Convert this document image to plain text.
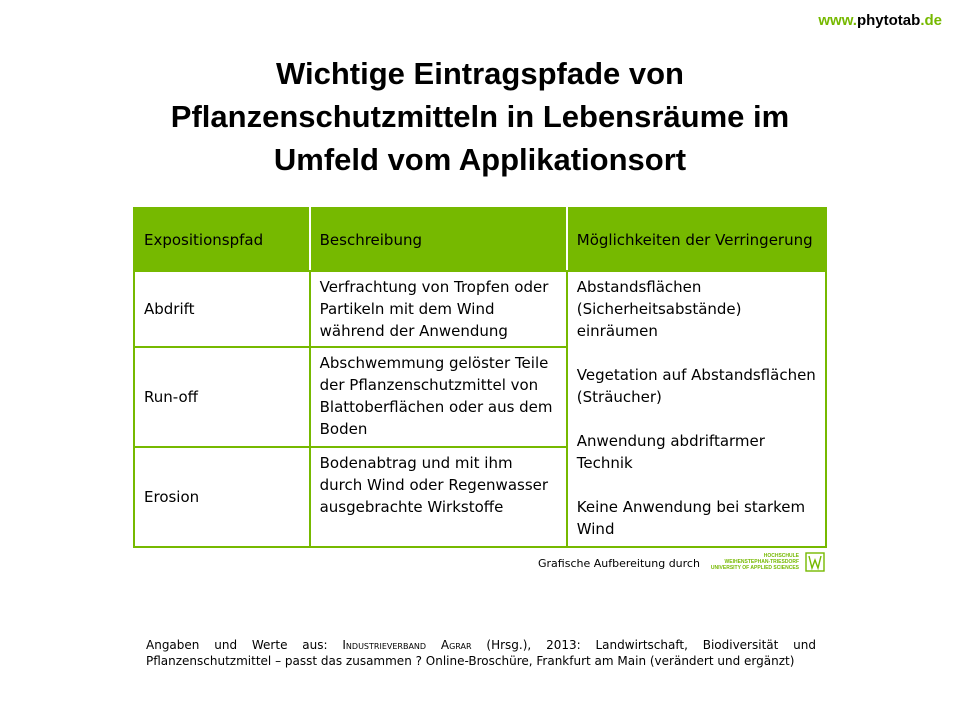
www.phytotab.de
Wichtige Eintragspfade von
Pflanzenschutzmitteln in Lebensräume im
Umfeld vom Applikationsort
Expositionspfad	Beschreibung	Möglichkeiten der Verringerung
Abdrift	Verfrachtung von Tropfen oder Partikeln mit dem Wind während der Anwendung	Abstandsflächen (Sicherheitsabstände) einräumen

Vegetation auf Abstandsflächen (Sträucher)

Anwendung abdriftarmer Technik

Keine Anwendung bei starkem Wind

Run-off	Abschwemmung gelöster Teile der Pflanzenschutzmittel von Blattoberflächen oder aus dem Boden	
Erosion	Bodenabtrag und mit ihm durch Wind oder Regenwasser ausgebrachte Wirkstoffe	
Grafische Aufbereitung durch
HOCHSCHULE
WEIHENSTEPHAN-TRIESDORF
UNIVERSITY OF APPLIED SCIENCES

Angaben und Werte aus: Industrieverband Agrar (Hrsg.), 2013: Landwirtschaft, Biodiversität und Pflanzenschutzmittel – passt das zusammen ? Online-Broschüre, Frankfurt am Main (verändert und ergänzt)
